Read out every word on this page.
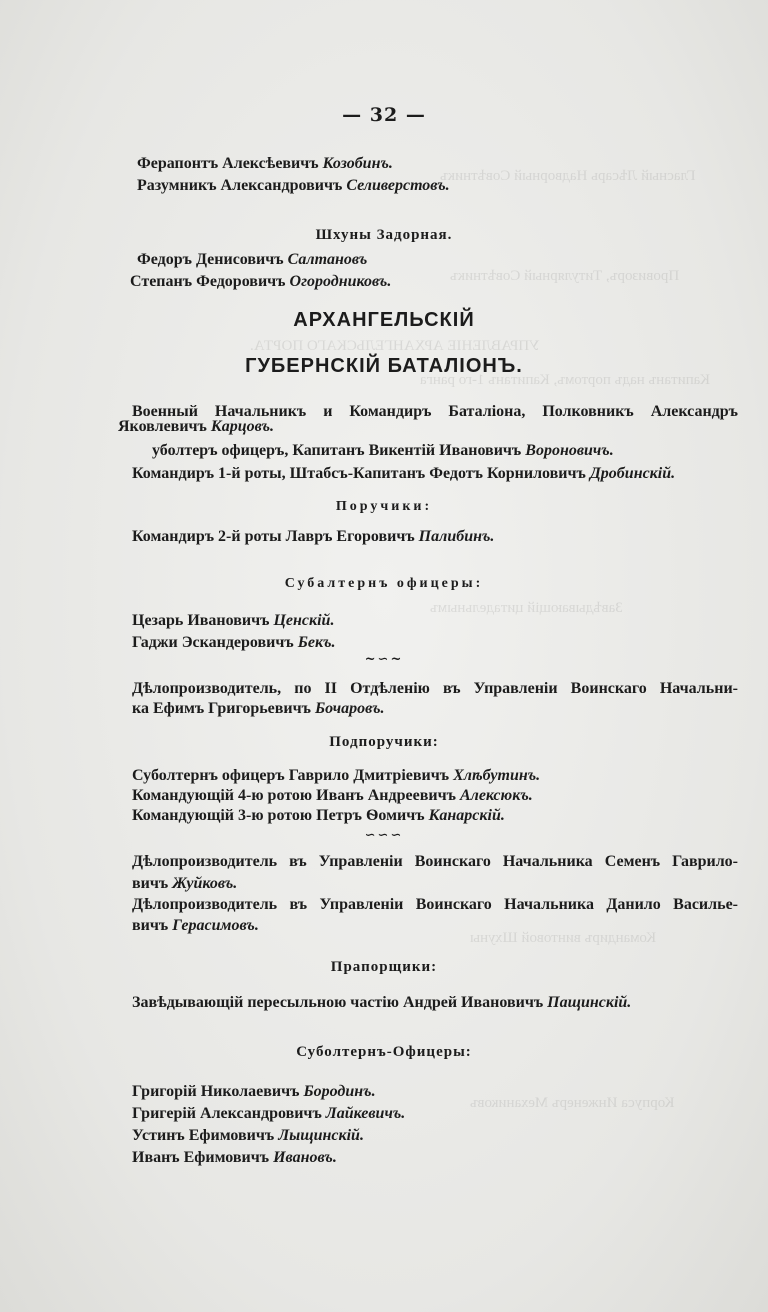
Гласный Лѣсарь Надворный Совѣтникъ
Провизоръ, Титулярный Совѣтникъ
УПРАВЛЕНІЕ АРХАНГЕЛЬСКАГО ПОРТА.
Капитанъ надъ портомъ, Капитанъ 1-го ранга
Завѣдывающій цитадельнымъ
Командиръ винтовой Шхуны
Корпуса Инженеръ Механиковъ
— 32 —
Ферапонтъ Алексѣевичъ Козобинъ.
Разумникъ Александровичъ Селиверстовъ.
Шхуны Задорная.
Федоръ Денисовичъ Салтановъ
Степанъ Федоровичъ Огородниковъ.
АРХАНГЕЛЬСКІЙ
ГУБЕРНСКІЙ БАТАЛІОНЪ.
Военный Начальникъ и Командиръ Баталіона, Полковникъ Александръ
Яковлевичъ Карцовъ.
уболтеръ офицеръ, Капитанъ Викентій Ивановичъ Вороновичъ.
Командиръ 1-й роты, Штабсъ-Капитанъ Федотъ Корниловичъ Дробинскій.
Поручики:
Командиръ 2-й роты Лавръ Егоровичъ Палибинъ.
Субалтернъ офицеры:
Цезарь Ивановичъ Ценскій.
Гаджи Эскандеровичъ Бекъ.
~∽~
Дѣлопроизводитель, по II Отдѣленію въ Управленіи Воинскаго Начальни-
ка Ефимъ Григорьевичъ Бочаровъ.
Подпоручики:
Суболтернъ офицеръ Гаврило Дмитріевичъ Хлѣбутинъ.
Командующій 4-ю ротою Иванъ Андреевичъ Алексюкъ.
Командующій 3-ю ротою Петръ Ѳомичъ Канарскій.
∽∽∽
Дѣлопроизводитель въ Управленіи Воинскаго Начальника Семенъ Гаврило-
вичъ Жуйковъ.
Дѣлопроизводитель въ Управленіи Воинскаго Начальника Данило Василье-
вичъ Герасимовъ.
Прапорщики:
Завѣдывающій пересыльною частію Андрей Ивановичъ Пащинскій.
Суболтернъ-Офицеры:
Григорій Николаевичъ Бородинъ.
Григерій Александровичъ Лайкевичъ.
Устинъ Ефимовичъ Лыщинскій.
Иванъ Ефимовичъ Ивановъ.
